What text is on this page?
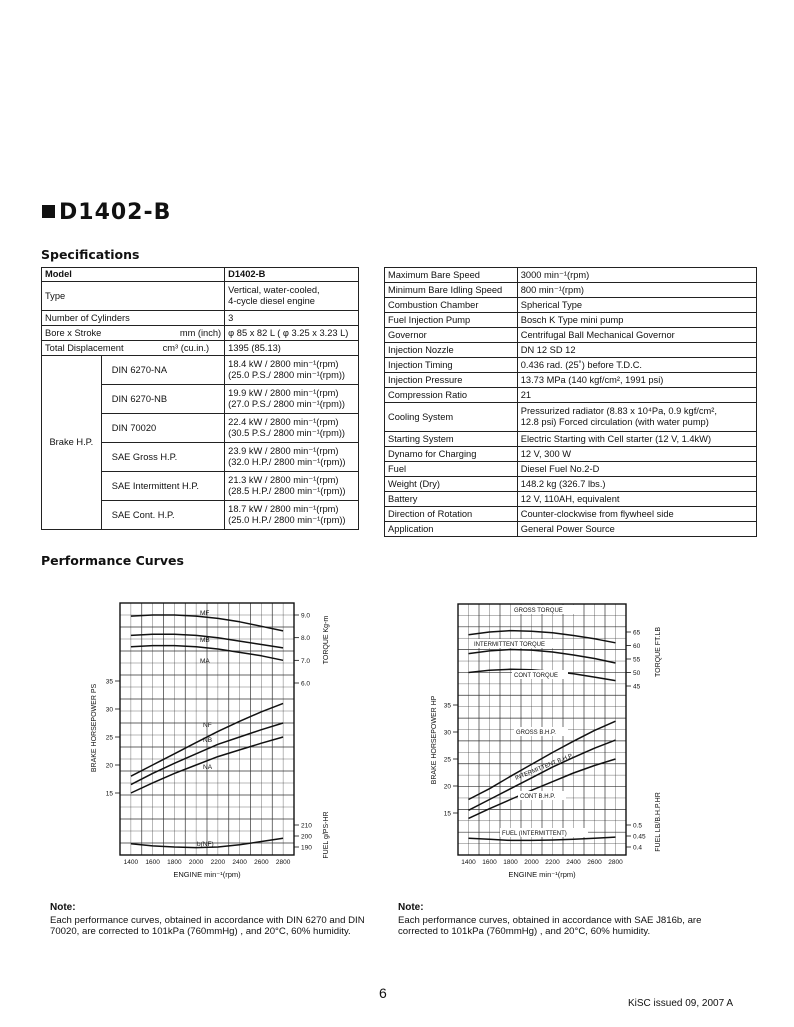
D1402-B
Specifications
Model		D1402-B
Type		Vertical, water-cooled,
4-cycle diesel engine
Number of Cylinders		3
Bore x Stroke mm (inch)		φ 85 x 82 L ( φ 3.25 x 3.23 L)
Total Displacement cm³ (cu.in.)		1395 (85.13)
Brake H.P.	DIN 6270-NA	18.4 kW / 2800 min⁻¹(rpm)
(25.0 P.S./ 2800 min⁻¹(rpm))
	DIN 6270-NB	19.9 kW / 2800 min⁻¹(rpm)
(27.0 P.S./ 2800 min⁻¹(rpm))
	DIN 70020	22.4 kW / 2800 min⁻¹(rpm)
(30.5 P.S./ 2800 min⁻¹(rpm))
	SAE Gross H.P.	23.9 kW / 2800 min⁻¹(rpm)
(32.0 H.P./ 2800 min⁻¹(rpm))
	SAE Intermittent H.P.	21.3 kW / 2800 min⁻¹(rpm)
(28.5 H.P./ 2800 min⁻¹(rpm))
	SAE Cont. H.P.	18.7 kW / 2800 min⁻¹(rpm)
(25.0 H.P./ 2800 min⁻¹(rpm))
Maximum Bare Speed	3000 min⁻¹(rpm)
Minimum Bare Idling Speed	800 min⁻¹(rpm)
Combustion Chamber	Spherical Type
Fuel Injection Pump	Bosch K Type mini pump
Governor	Centrifugal Ball Mechanical Governor
Injection Nozzle	DN 12 SD 12
Injection Timing	0.436 rad. (25˚) before T.D.C.
Injection Pressure	13.73 MPa (140 kgf/cm², 1991 psi)
Compression Ratio	21
Cooling System	Pressurized radiator (8.83 x 10⁴Pa, 0.9 kgf/cm²,
12.8 psi) Forced circulation (with water pump)
Starting System	Electric Starting with Cell starter (12 V, 1.4kW)
Dynamo for Charging	12 V, 300 W
Fuel	Diesel Fuel No.2-D
Weight (Dry)	148.2 kg (326.7 lbs.)
Battery	12 V, 110AH, equivalent
Direction of Rotation	Counter-clockwise from flywheel side
Application	General Power Source
Performance Curves
1400 1600 1800 2000 2200 2400 2600 2800
ENGINE min⁻¹(rpm)
35
30
25
20
15
BRAKE HORSEPOWER PS
9.0
8.0
7.0
6.0
TORQUE Kg-m
210
200
190 FUEL g/PS-HR
NF
NB
NA
MF
MB
MA
b(NF)
1400 1600 1800 2000 2200 2400 2600 2800
ENGINE min⁻¹(rpm)
35
30
25
20
15
BRAKE HORSEPOWER HP
65
60
55
50
45
TORQUE FT.LB
0.5
0.45
0.4 FUEL LB/B.H.P.HR
GROSS TORQUE
INTERMITTENT TORQUE
CONT TORQUE
GROSS B.H.P.
INTERMITTENT B.H.P.
CONT B.H.P.
FUEL (INTERMITTENT)
Note:
Each performance curves, obtained in accordance with DIN 6270 and DIN 70020, are corrected to 101kPa (760mmHg) , and 20°C, 60% humidity.
Note:
Each performance curves, obtained in accordance with SAE J816b, are corrected to 101kPa (760mmHg) , and 20°C, 60% humidity.
6
KiSC issued 09, 2007 A
